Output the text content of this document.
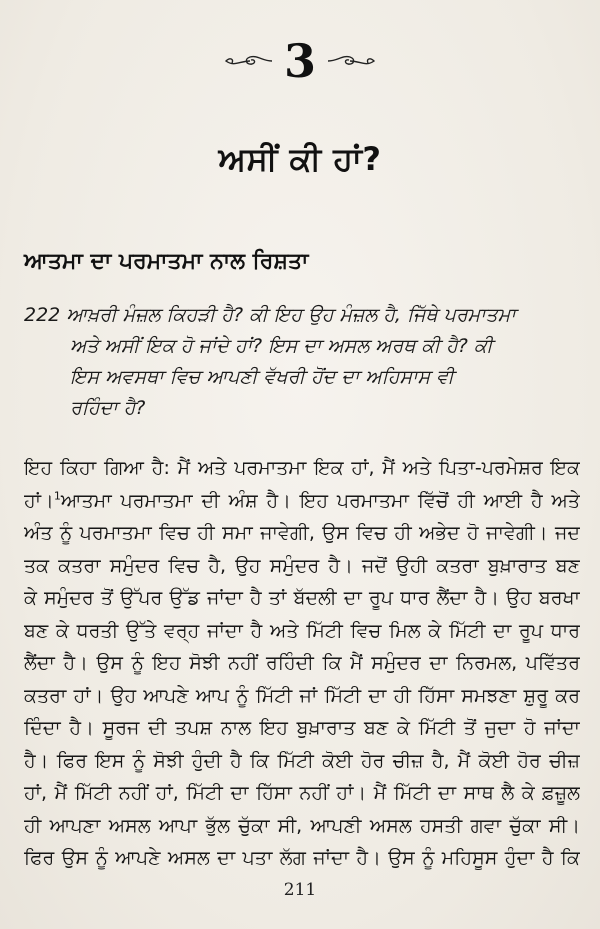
3
ਅਸੀਂ ਕੀ ਹਾਂ?
ਆਤਮਾ ਦਾ ਪਰਮਾਤਮਾ ਨਾਲ ਰਿਸ਼ਤਾ
222 ਆਖ਼ਰੀ ਮੰਜ਼ਲ ਕਿਹੜੀ ਹੈ? ਕੀ ਇਹ ਉਹ ਮੰਜ਼ਲ ਹੈ, ਜਿੱਥੇ ਪਰਮਾਤਮਾ
ਅਤੇ ਅਸੀਂ ਇਕ ਹੋ ਜਾਂਦੇ ਹਾਂ? ਇਸ ਦਾ ਅਸਲ ਅਰਥ ਕੀ ਹੈ? ਕੀ
ਇਸ ਅਵਸਥਾ ਵਿਚ ਆਪਣੀ ਵੱਖਰੀ ਹੋਂਦ ਦਾ ਅਹਿਸਾਸ ਵੀ
ਰਹਿੰਦਾ ਹੈ?
ਇਹ ਕਿਹਾ ਗਿਆ ਹੈ: ਮੈਂ ਅਤੇ ਪਰਮਾਤਮਾ ਇਕ ਹਾਂ, ਮੈਂ ਅਤੇ ਪਿਤਾ-ਪਰਮੇਸ਼ਰ ਇਕ
ਹਾਂ।$^1$ਆਤਮਾ ਪਰਮਾਤਮਾ ਦੀ ਅੰਸ਼ ਹੈ। ਇਹ ਪਰਮਾਤਮਾ ਵਿੱਚੋਂ ਹੀ ਆਈ ਹੈ ਅਤੇ
ਅੰਤ ਨੂੰ ਪਰਮਾਤਮਾ ਵਿਚ ਹੀ ਸਮਾ ਜਾਵੇਗੀ, ਉਸ ਵਿਚ ਹੀ ਅਭੇਦ ਹੋ ਜਾਵੇਗੀ। ਜਦ
ਤਕ ਕਤਰਾ ਸਮੁੰਦਰ ਵਿਚ ਹੈ, ਉਹ ਸਮੁੰਦਰ ਹੈ। ਜਦੋਂ ਉਹੀ ਕਤਰਾ ਬੁਖ਼ਾਰਾਤ ਬਣ
ਕੇ ਸਮੁੰਦਰ ਤੋਂ ਉੱਪਰ ਉੱਡ ਜਾਂਦਾ ਹੈ ਤਾਂ ਬੱਦਲੀ ਦਾ ਰੂਪ ਧਾਰ ਲੈਂਦਾ ਹੈ। ਉਹ ਬਰਖਾ
ਬਣ ਕੇ ਧਰਤੀ ਉੱਤੇ ਵਰ੍ਹ ਜਾਂਦਾ ਹੈ ਅਤੇ ਮਿੱਟੀ ਵਿਚ ਮਿਲ ਕੇ ਮਿੱਟੀ ਦਾ ਰੂਪ ਧਾਰ
ਲੈਂਦਾ ਹੈ। ਉਸ ਨੂੰ ਇਹ ਸੋਝੀ ਨਹੀਂ ਰਹਿੰਦੀ ਕਿ ਮੈਂ ਸਮੁੰਦਰ ਦਾ ਨਿਰਮਲ, ਪਵਿੱਤਰ
ਕਤਰਾ ਹਾਂ। ਉਹ ਆਪਣੇ ਆਪ ਨੂੰ ਮਿੱਟੀ ਜਾਂ ਮਿੱਟੀ ਦਾ ਹੀ ਹਿੱਸਾ ਸਮਝਣਾ ਸ਼ੁਰੂ ਕਰ
ਦਿੰਦਾ ਹੈ। ਸੂਰਜ ਦੀ ਤਪਸ਼ ਨਾਲ ਇਹ ਬੁਖ਼ਾਰਾਤ ਬਣ ਕੇ ਮਿੱਟੀ ਤੋਂ ਜੁਦਾ ਹੋ ਜਾਂਦਾ
ਹੈ। ਫਿਰ ਇਸ ਨੂੰ ਸੋਝੀ ਹੁੰਦੀ ਹੈ ਕਿ ਮਿੱਟੀ ਕੋਈ ਹੋਰ ਚੀਜ਼ ਹੈ, ਮੈਂ ਕੋਈ ਹੋਰ ਚੀਜ਼
ਹਾਂ, ਮੈਂ ਮਿੱਟੀ ਨਹੀਂ ਹਾਂ, ਮਿੱਟੀ ਦਾ ਹਿੱਸਾ ਨਹੀਂ ਹਾਂ। ਮੈਂ ਮਿੱਟੀ ਦਾ ਸਾਥ ਲੈ ਕੇ ਫ਼ਜ਼ੂਲ
ਹੀ ਆਪਣਾ ਅਸਲ ਆਪਾ ਭੁੱਲ ਚੁੱਕਾ ਸੀ, ਆਪਣੀ ਅਸਲ ਹਸਤੀ ਗਵਾ ਚੁੱਕਾ ਸੀ।
ਫਿਰ ਉਸ ਨੂੰ ਆਪਣੇ ਅਸਲ ਦਾ ਪਤਾ ਲੱਗ ਜਾਂਦਾ ਹੈ। ਉਸ ਨੂੰ ਮਹਿਸੂਸ ਹੁੰਦਾ ਹੈ ਕਿ
211
